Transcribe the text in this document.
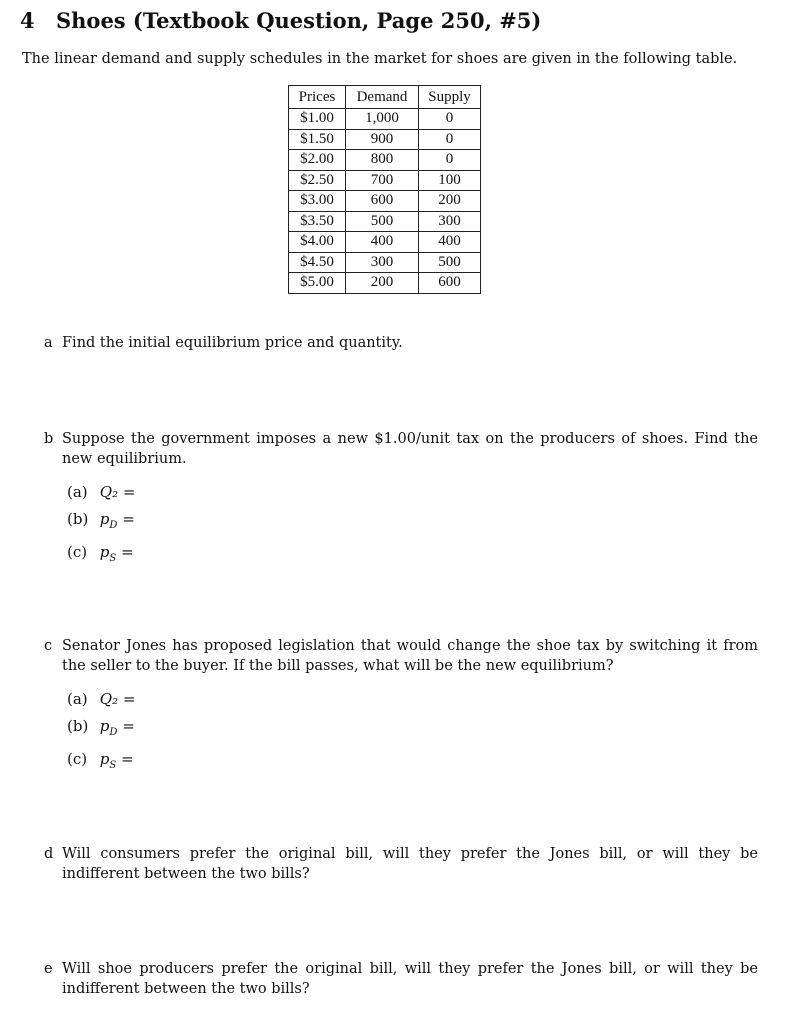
4 Shoes (Textbook Question, Page 250, #5)
The linear demand and supply schedules in the market for shoes are given in the following table.
Prices	Demand	Supply
$1.00	1,000	0
$1.50	900	0
$2.00	800	0
$2.50	700	100
$3.00	600	200
$3.50	500	300
$4.00	400	400
$4.50	300	500
$5.00	200	600
a Find the initial equilibrium price and quantity.
b Suppose the government imposes a new $1.00/unit tax on the producers of shoes. Find the new equilibrium.
(a) Q₂ =
(b) $p_D$ =
(c) $p_S$ =
c Senator Jones has proposed legislation that would change the shoe tax by switching it from the seller to the buyer. If the bill passes, what will be the new equilibrium?
(a) Q₂ =
(b) $p_D$ =
(c) $p_S$ =
d Will consumers prefer the original bill, will they prefer the Jones bill, or will they be indifferent between the two bills?
e Will shoe producers prefer the original bill, will they prefer the Jones bill, or will they be indifferent between the two bills?
